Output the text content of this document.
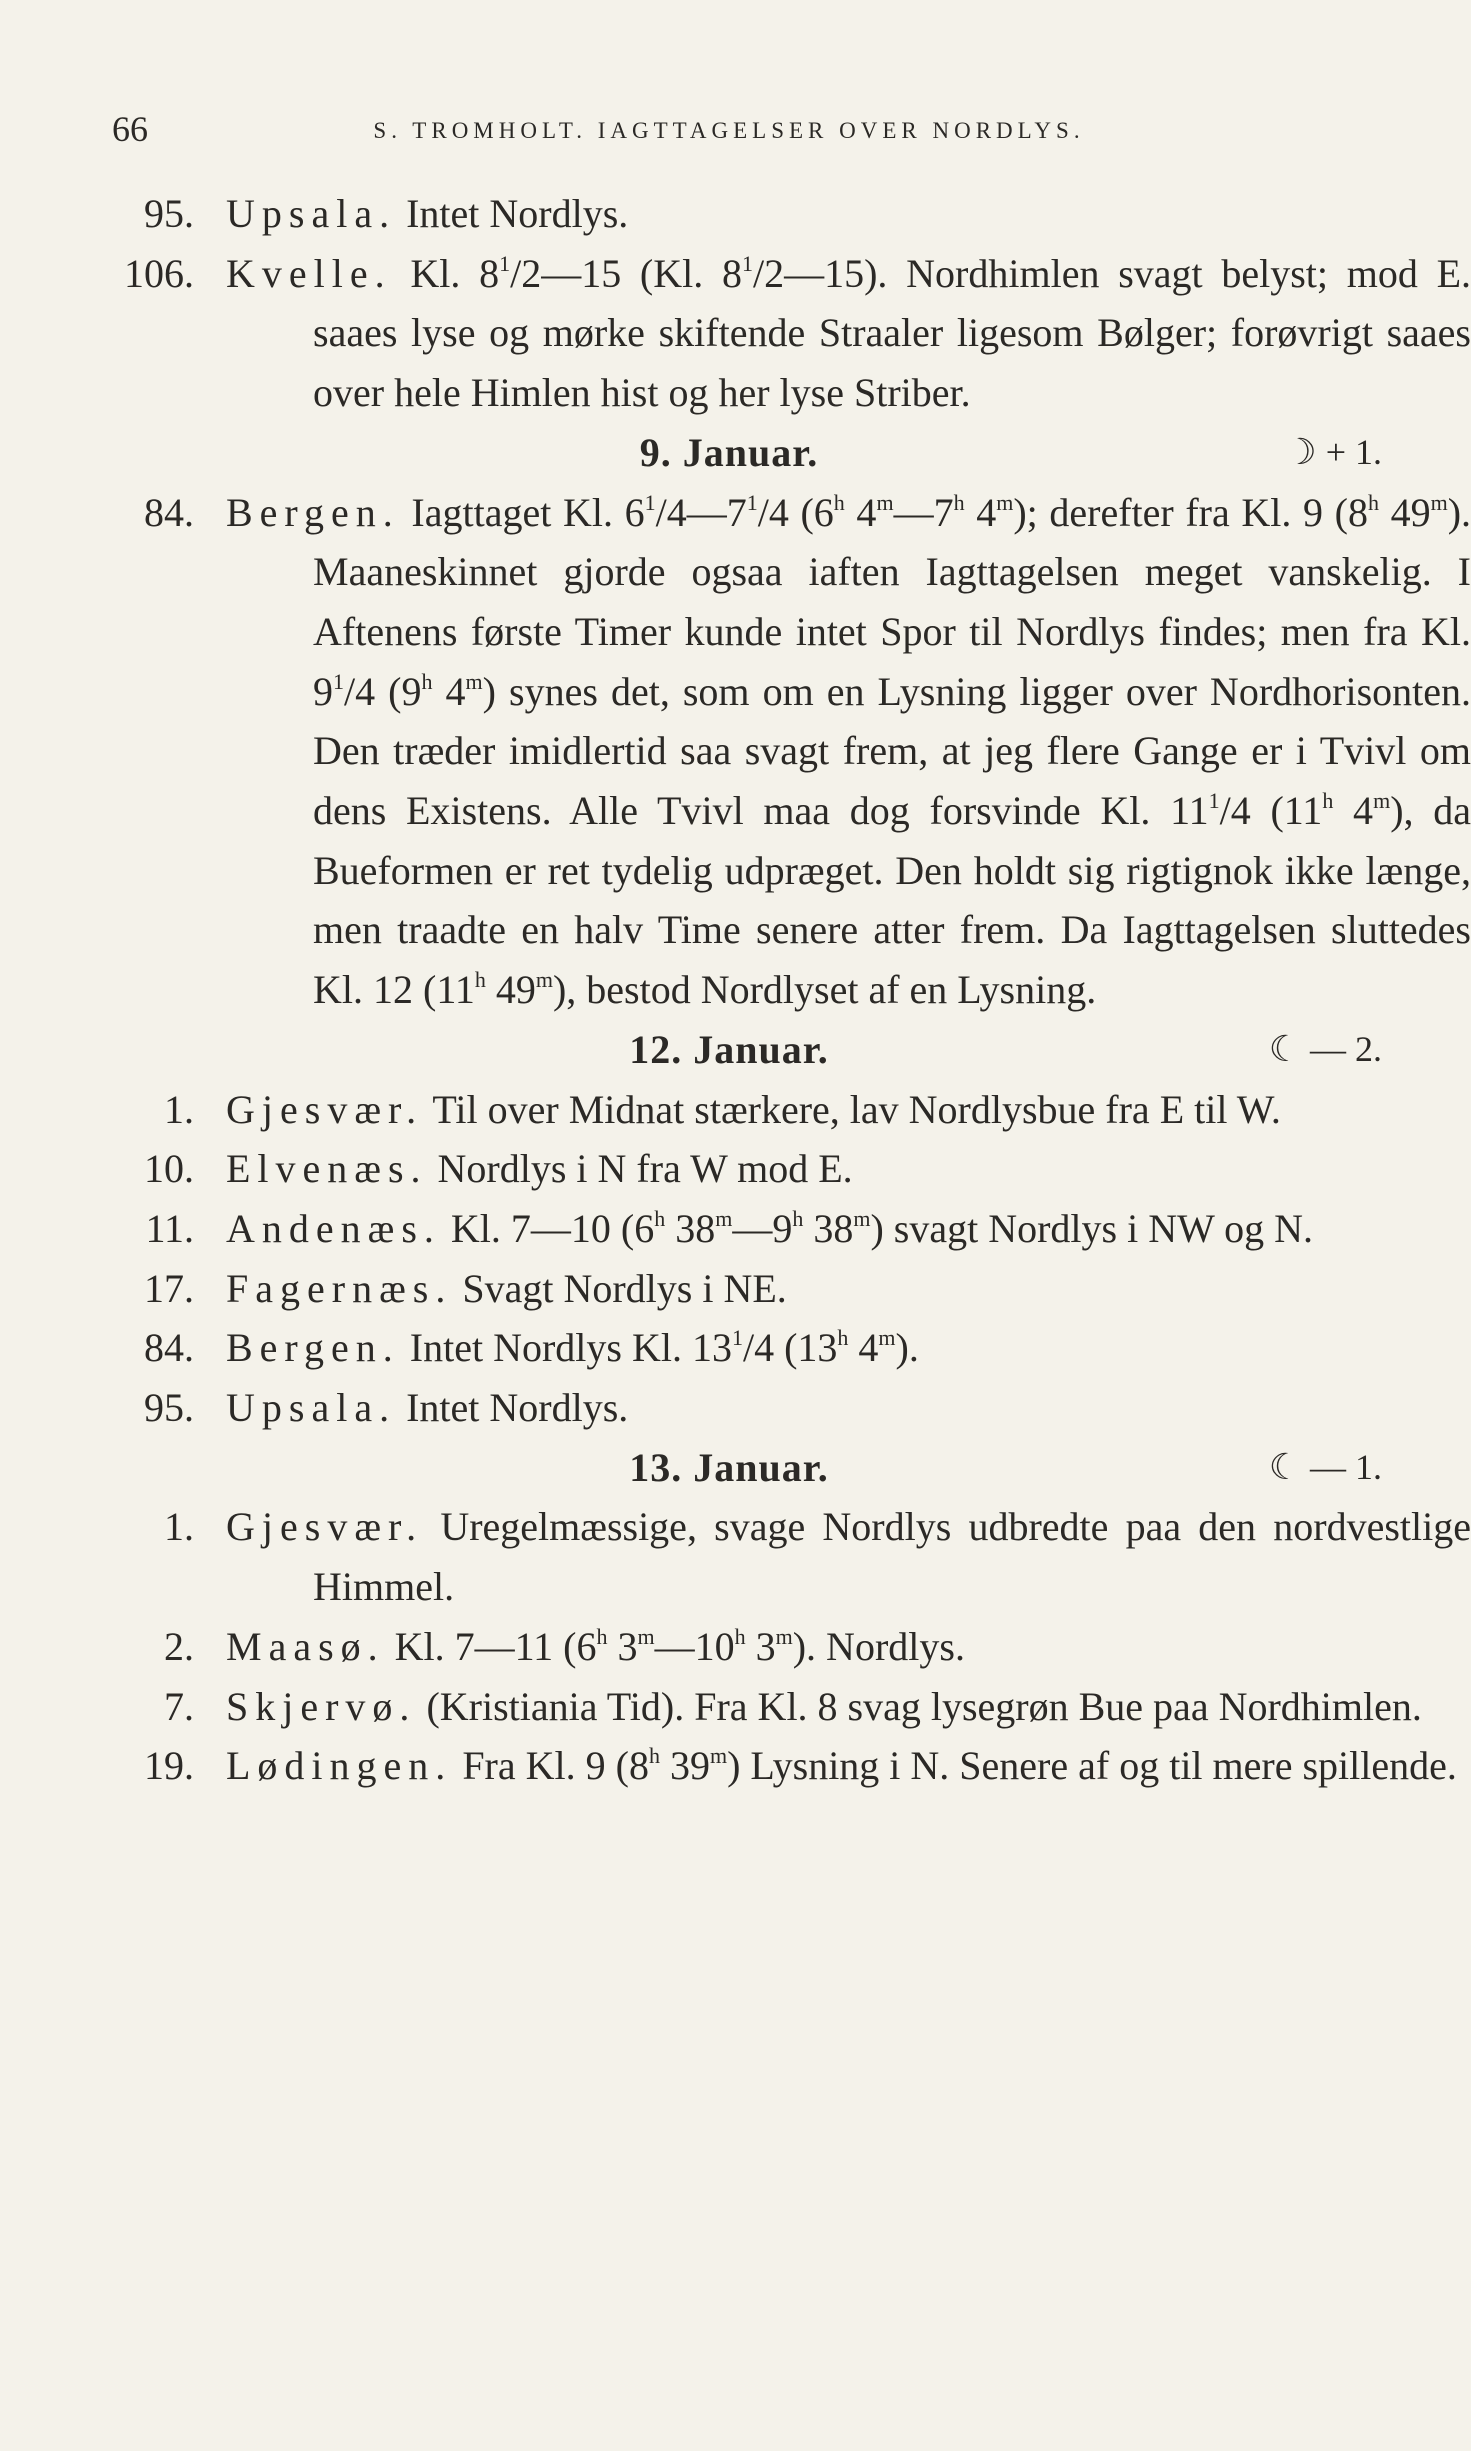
66	S. TROMHOLT. IAGTTAGELSER OVER NORDLYS.
95. Upsala. Intet Nordlys.
106. Kvelle. Kl. $8^1/2—15$ (Kl. $8^1/2—15$). Nordhimlen svagt belyst; mod E. saaes lyse og mørke skiftende Straaler ligesom Bølger; forøvrigt saaes over hele Himlen hist og her lyse Striber.
9. Januar.	☽ + 1.
84. Bergen. Iagttaget Kl. $6^1/4—7^1/4$ (6$^h$ 4$^m$—7$^h$ 4$^m$); derefter fra Kl. 9 (8$^h$ 49$^m$). Maaneskinnet gjorde ogsaa iaften Iagttagelsen meget vanskelig. I Aftenens første Timer kunde intet Spor til Nordlys findes; men fra Kl. $9^1/4$ (9$^h$ 4$^m$) synes det, som om en Lysning ligger over Nordhorisonten. Den træder imidlertid saa svagt frem, at jeg flere Gange er i Tvivl om dens Existens. Alle Tvivl maa dog forsvinde Kl. $11^1/4$ (11$^h$ 4$^m$), da Bueformen er ret tydelig udpræget. Den holdt sig rigtignok ikke længe, men traadte en halv Time senere atter frem. Da Iagttagelsen sluttedes Kl. 12 (11$^h$ 49$^m$), bestod Nordlyset af en Lysning.
12. Januar.	☾ — 2.
1. Gjesvær. Til over Midnat stærkere, lav Nordlysbue fra E til W.
10. Elvenæs. Nordlys i N fra W mod E.
11. Andenæs. Kl. 7—10 (6$^h$ 38$^m$—9$^h$ 38$^m$) svagt Nordlys i NW og N.
17. Fagernæs. Svagt Nordlys i NE.
84. Bergen. Intet Nordlys Kl. $13^1/4$ (13$^h$ 4$^m$).
95. Upsala. Intet Nordlys.
13. Januar.	☾ — 1.
1. Gjesvær. Uregelmæssige, svage Nordlys udbredte paa den nordvestlige Himmel.
2. Maasø. Kl. 7—11 (6$^h$ 3$^m$—10$^h$ 3$^m$). Nordlys.
7. Skjervø. (Kristiania Tid). Fra Kl. 8 svag lysegrøn Bue paa Nordhimlen.
19. Lødingen. Fra Kl. 9 (8$^h$ 39$^m$) Lysning i N. Senere af og til mere spillende.
